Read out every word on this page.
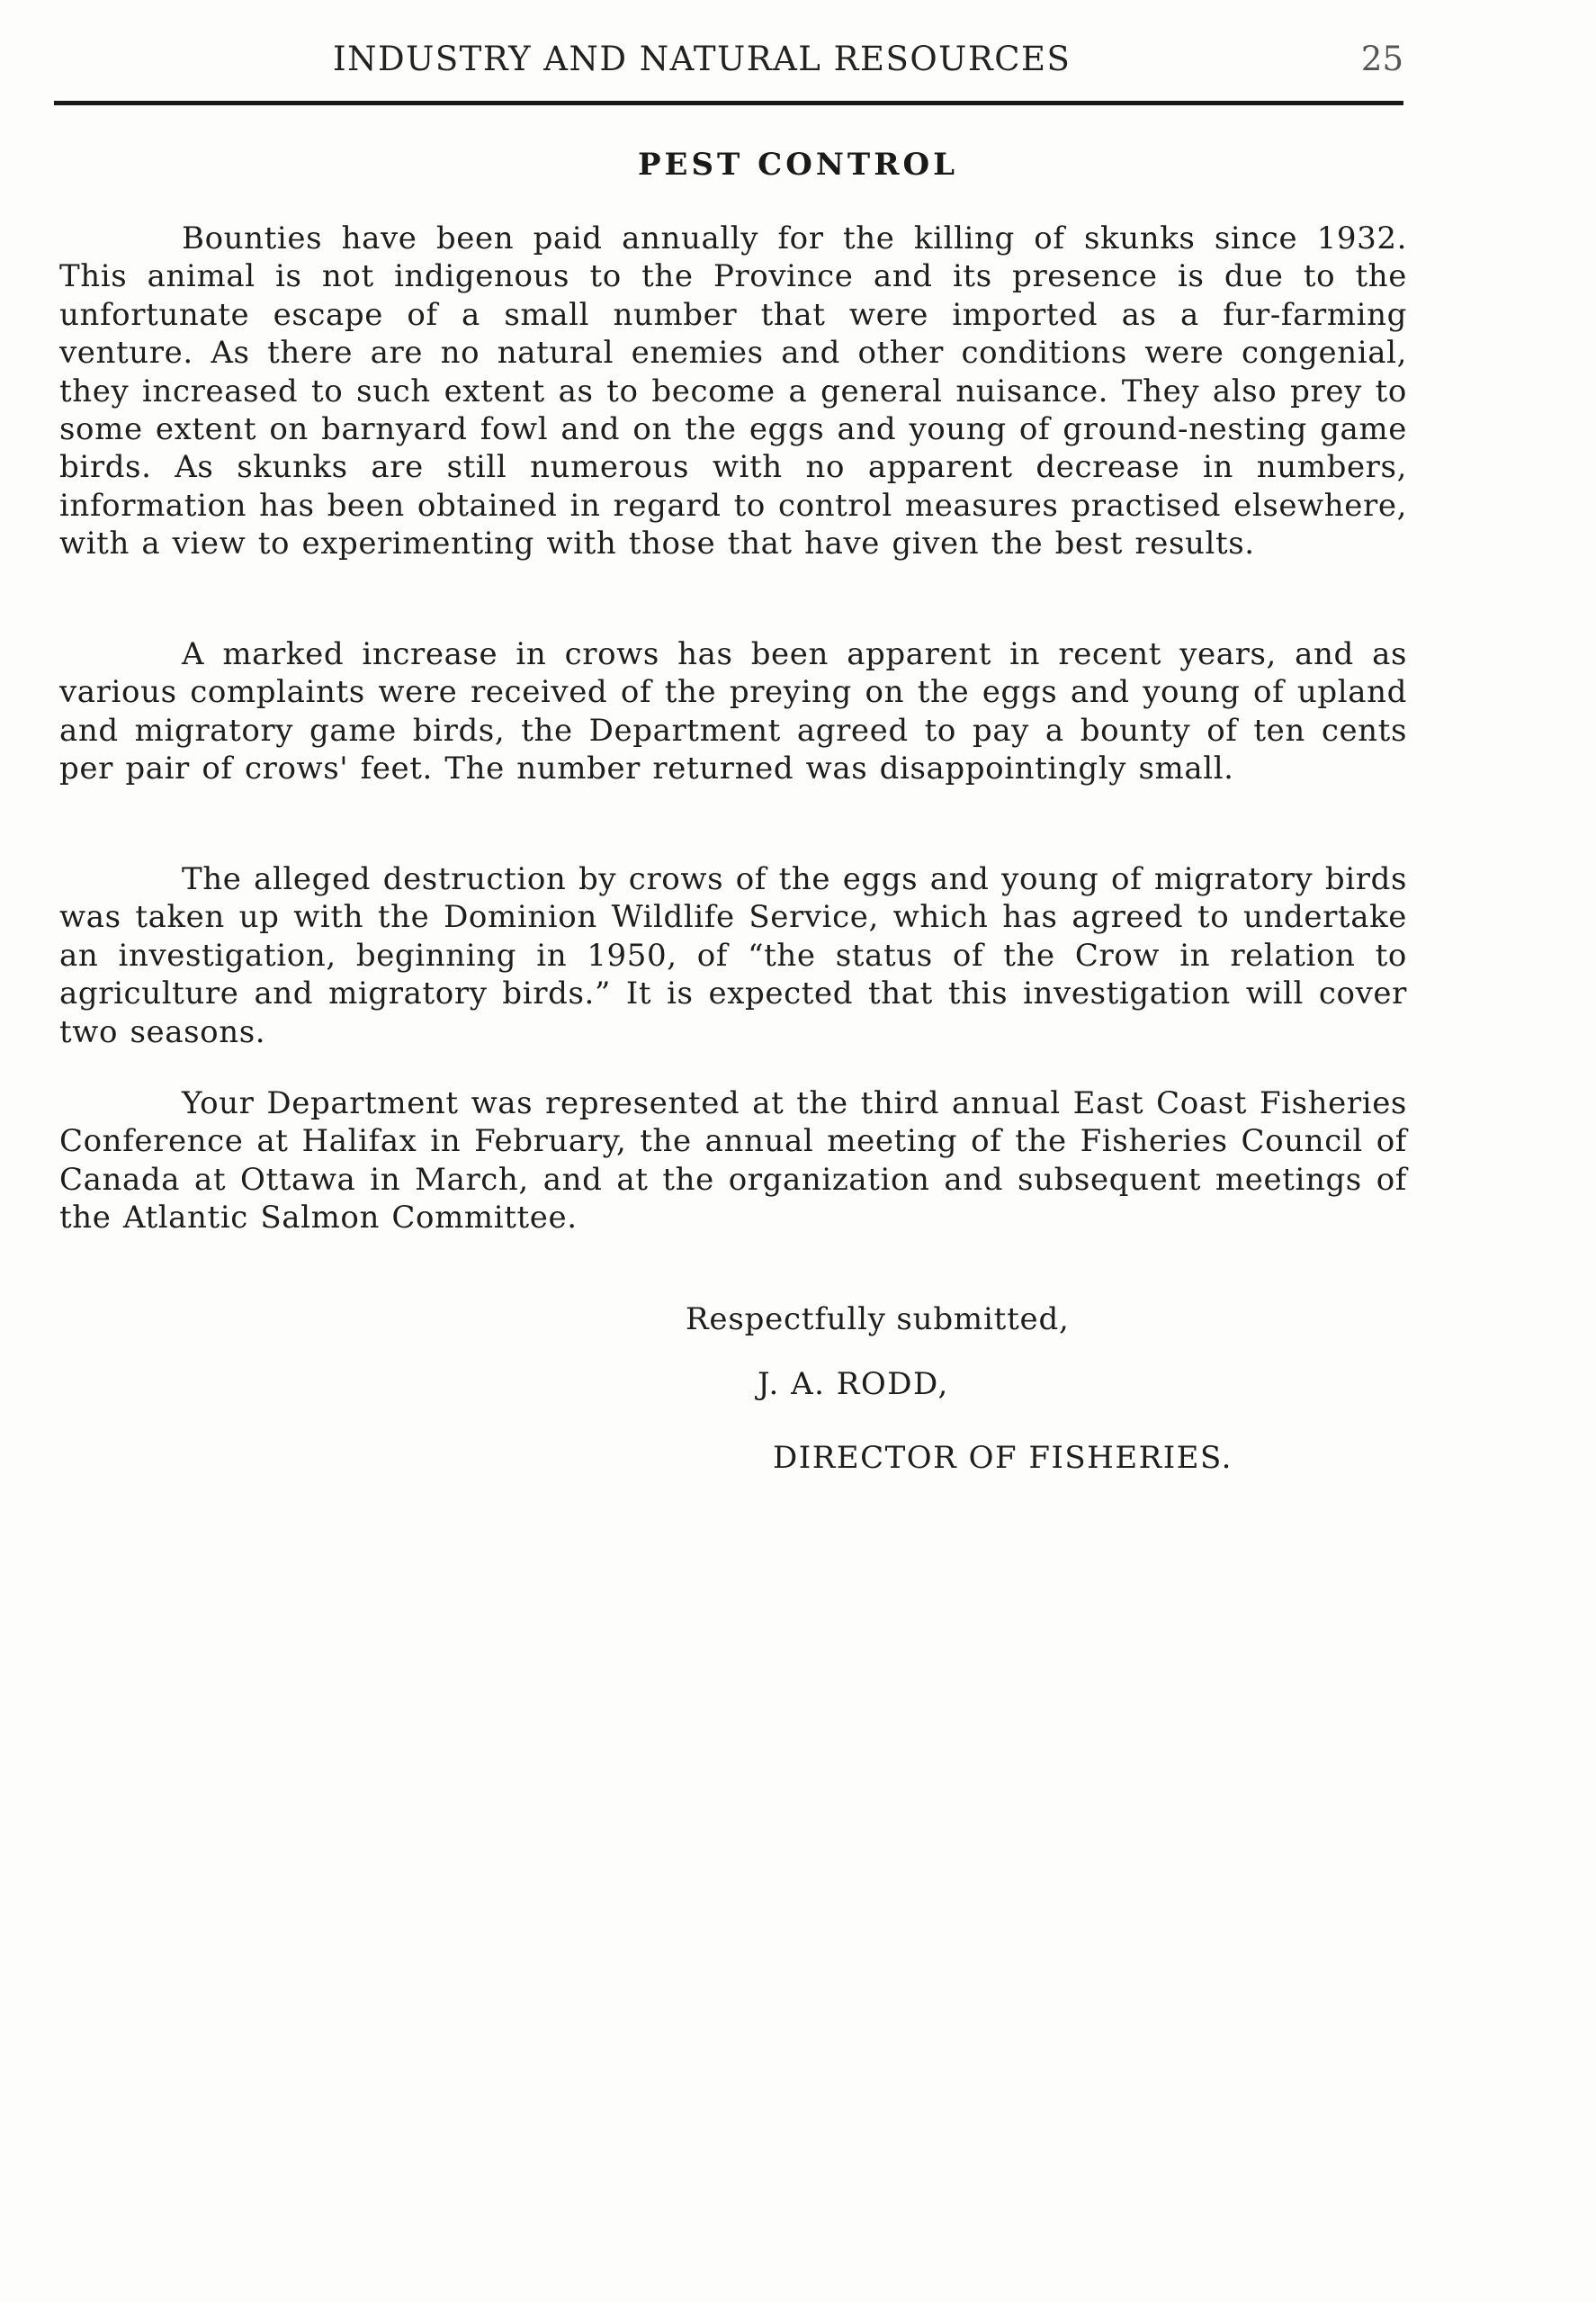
INDUSTRY AND NATURAL RESOURCES	25
PEST CONTROL

Bounties have been paid annually for the killing of skunks since 1932. This animal is not indigenous to the Province and its presence is due to the unfortunate escape of a small number that were imported as a fur-farming venture. As there are no natural enemies and other conditions were congenial, they increased to such extent as to become a general nuisance. They also prey to some extent on barnyard fowl and on the eggs and young of ground-nesting game birds. As skunks are still numerous with no apparent decrease in numbers, information has been obtained in regard to control measures practised elsewhere, with a view to experimenting with those that have given the best results.

A marked increase in crows has been apparent in recent years, and as various complaints were received of the preying on the eggs and young of upland and migratory game birds, the Department agreed to pay a bounty of ten cents per pair of crows' feet. The number returned was disappointingly small.

The alleged destruction by crows of the eggs and young of migratory birds was taken up with the Dominion Wildlife Service, which has agreed to undertake an investigation, beginning in 1950, of “the status of the Crow in relation to agriculture and migratory birds.” It is expected that this investigation will cover two seasons.

Your Department was represented at the third annual East Coast Fisheries Conference at Halifax in February, the annual meeting of the Fisheries Council of Canada at Ottawa in March, and at the organization and subsequent meetings of the Atlantic Salmon Committee.

Respectfully submitted,
J. A. RODD,
DIRECTOR OF FISHERIES.
